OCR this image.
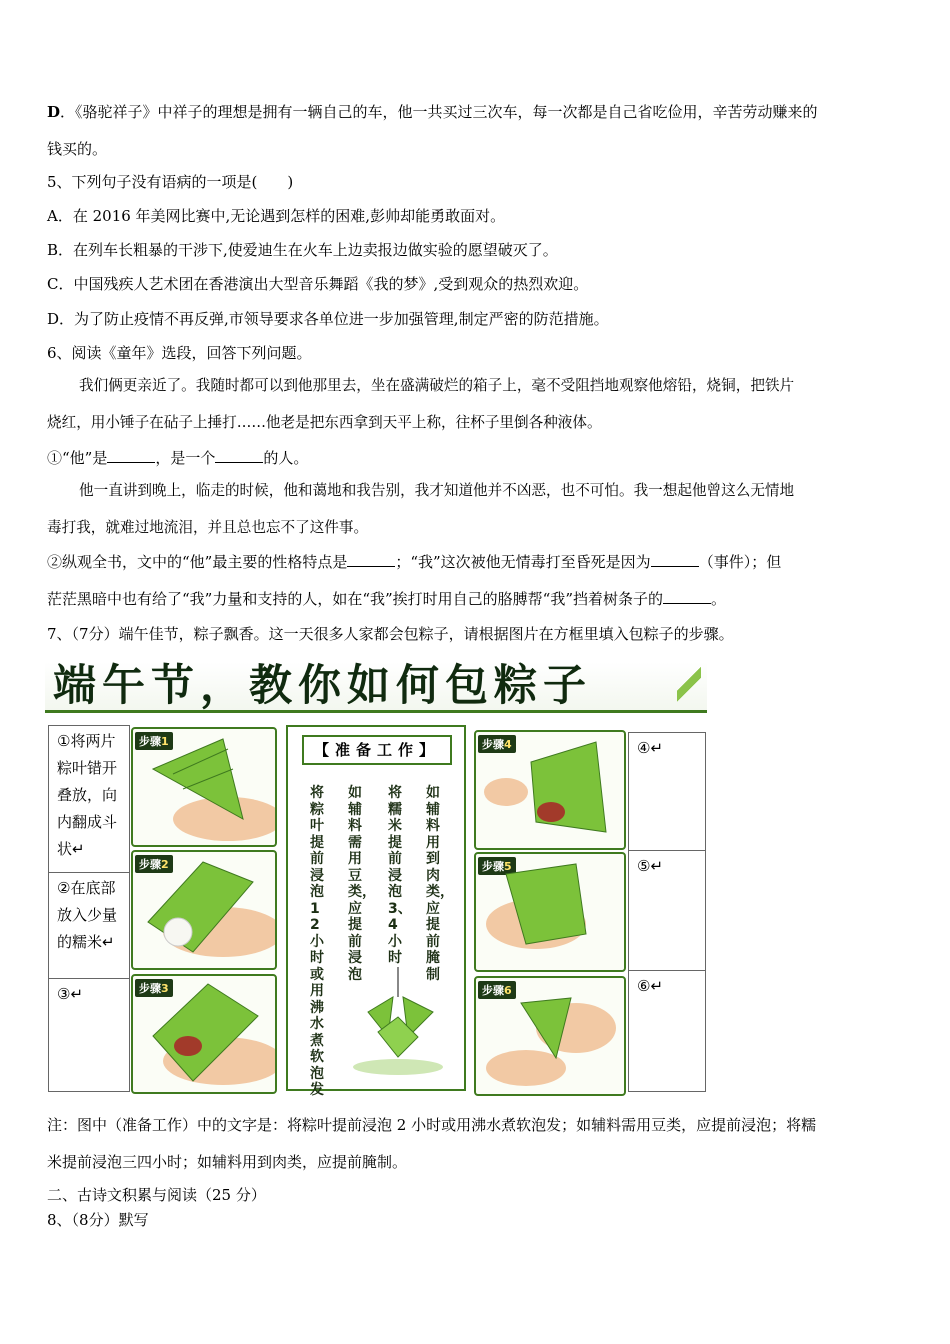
D．《骆驼祥子》中祥子的理想是拥有一辆自己的车，他一共买过三次车，每一次都是自己省吃俭用，辛苦劳动赚来的
钱买的。
5、下列句子没有语病的一项是(　　)
A．在 2016 年美网比赛中,无论遇到怎样的困难,彭帅却能勇敢面对。
B．在列车长粗暴的干涉下,使爱迪生在火车上边卖报边做实验的愿望破灭了。
C．中国残疾人艺术团在香港演出大型音乐舞蹈《我的梦》,受到观众的热烈欢迎。
D．为了防止疫情不再反弹,市领导要求各单位进一步加强管理,制定严密的防范措施。
6、阅读《童年》选段，回答下列问题。
我们俩更亲近了。我随时都可以到他那里去，坐在盛满破烂的箱子上，毫不受阻挡地观察他熔铅，烧铜，把铁片
烧红，用小锤子在砧子上捶打……他老是把东西拿到天平上称，往杯子里倒各种液体。
①“他”是	，是一个	的人。
他一直讲到晚上，临走的时候，他和蔼地和我告别，我才知道他并不凶恶，也不可怕。我一想起他曾这么无情地
毒打我，就难过地流泪，并且总也忘不了这件事。
②纵观全书，文中的“他”最主要的性格特点是	；“我”这次被他无情毒打至昏死是因为	（事件）；但
茫茫黑暗中也有给了“我”力量和支持的人，如在“我”挨打时用自己的胳膊帮“我”挡着树条子的	。
7、（7分）端午佳节，粽子飘香。这一天很多人家都会包粽子，请根据图片在方框里填入包粽子的步骤。
端午节，教你如何包粽子
①将两片粽叶错开叠放，向内翻成斗状↵
②在底部放入少量的糯米↵
③↵
④↵
⑤↵
⑥↵
步骤1
步骤2
步骤3
【准备工作】
将粽叶提前浸泡12小时或用沸水煮软泡发
如辅料需用豆类，应提前浸泡
将糯米提前浸泡3、4小时
如辅料用到肉类，应提前腌制
步骤4
步骤5
步骤6
注：图中（准备工作）中的文字是：将粽叶提前浸泡 2 小时或用沸水煮软泡发；如辅料需用豆类，应提前浸泡；将糯
米提前浸泡三四小时；如辅料用到肉类，应提前腌制。
二、古诗文积累与阅读（25 分）
8、（8分）默写
